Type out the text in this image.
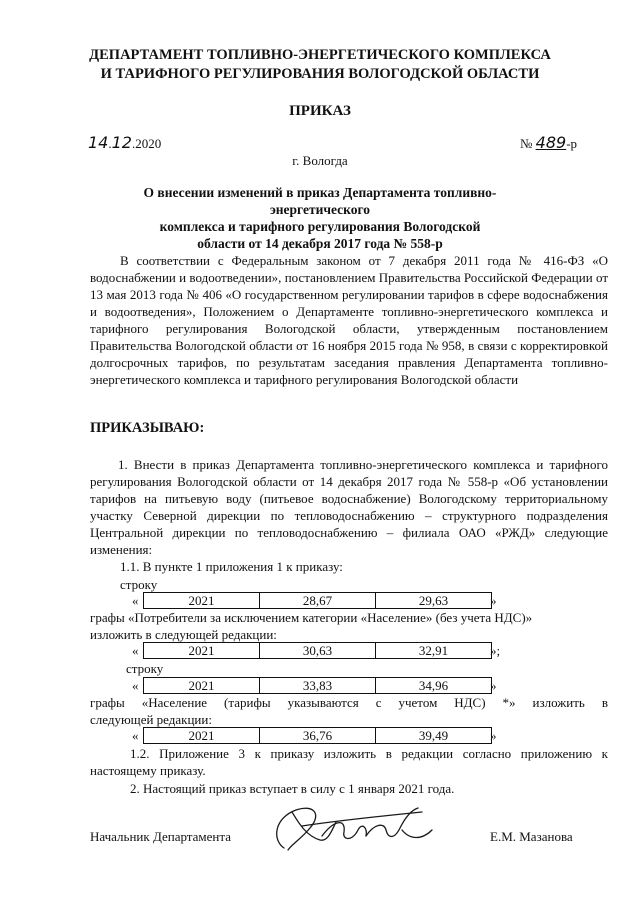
ДЕПАРТАМЕНТ ТОПЛИВНО-ЭНЕРГЕТИЧЕСКОГО КОМПЛЕКСА
И ТАРИФНОГО РЕГУЛИРОВАНИЯ ВОЛОГОДСКОЙ ОБЛАСТИ
ПРИКАЗ
14.12.2020	№ 489-р
г. Вологда
О внесении изменений в приказ Департамента топливно-энергетического
комплекса и тарифного регулирования Вологодской
области от 14 декабря 2017 года № 558-р
В соответствии с Федеральным законом от 7 декабря 2011 года № 416-ФЗ «О водоснабжении и водоотведении», постановлением Правительства Российской Федерации от 13 мая 2013 года № 406 «О государственном регулировании тарифов в сфере водоснабжения и водоотведения», Положением о Департаменте топливно-энергетического комплекса и тарифного регулирования Вологодской области, утвержденным постановлением Правительства Вологодской области от 16 ноября 2015 года № 958, в связи с корректировкой долгосрочных тарифов, по результатам заседания правления Департамента топливно-энергетического комплекса и тарифного регулирования Вологодской области
ПРИКАЗЫВАЮ:
1. Внести в приказ Департамента топливно-энергетического комплекса и тарифного регулирования Вологодской области от 14 декабря 2017 года № 558-р «Об установлении тарифов на питьевую воду (питьевое водоснабжение) Вологодскому территориальному участку Северной дирекции по тепловодоснабжению – структурного подразделения Центральной дирекции по тепловодоснабжению – филиала ОАО «РЖД» следующие изменения:
1.1. В пункте 1 приложения 1 к приказу:
строку
«	2021	28,67	29,63	»
графы «Потребители за исключением категории «Население» (без учета НДС)»
изложить в следующей редакции:
«	2021	30,63	32,91	»;
строку
«	2021	33,83	34,96	»
графы «Население (тарифы указываются с учетом НДС) *» изложить в
следующей редакции:
«	2021	36,76	39,49	»
1.2. Приложение 3 к приказу изложить в редакции согласно приложению к настоящему приказу.
2. Настоящий приказ вступает в силу с 1 января 2021 года.
Начальник Департамента	Е.М. Мазанова
